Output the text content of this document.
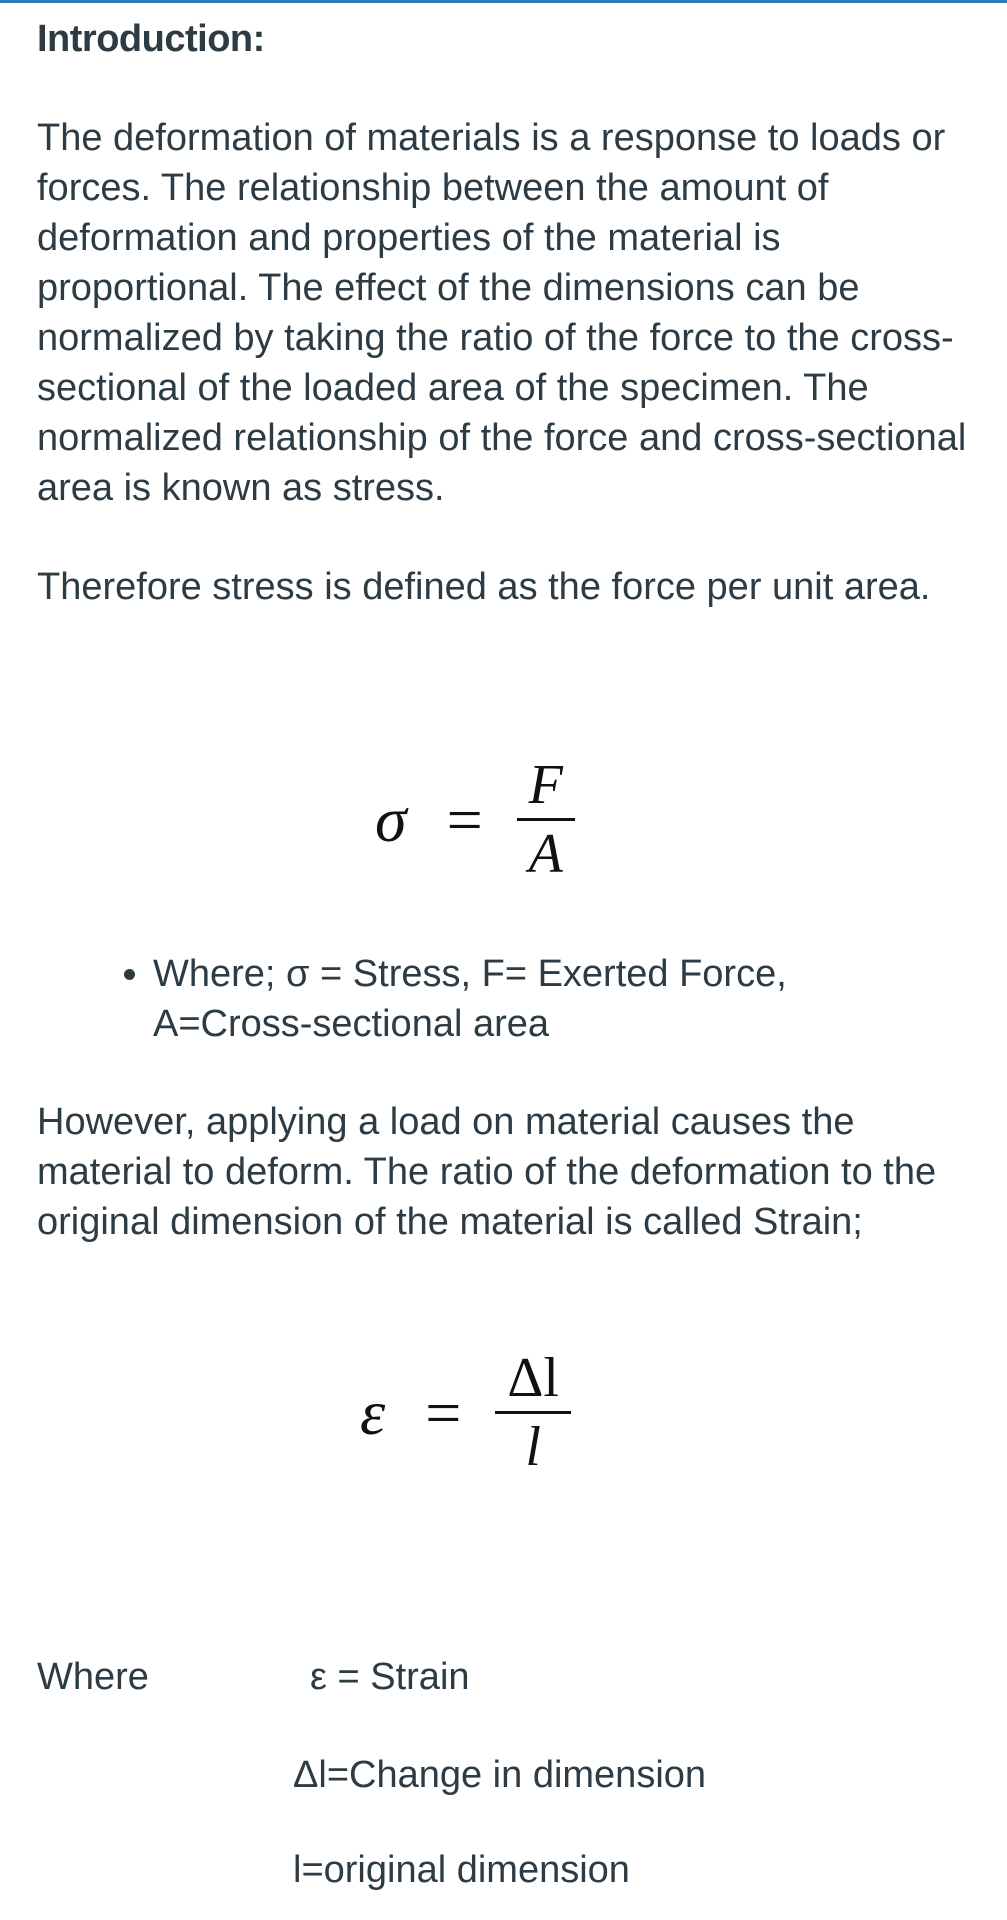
Introduction:

The deformation of materials is a response to loads or forces. The relationship between the amount of deformation and properties of the material is proportional. The effect of the dimensions can be normalized by taking the ratio of the force to the cross-sectional of the loaded area of the specimen. The normalized relationship of the force and cross-sectional area is known as stress.

Therefore stress is defined as the force per unit area.

$\sigma = \frac{F}{A}$
• Where; σ = Stress, F= Exerted Force, A=Cross-sectional area

However, applying a load on material causes the material to deform. The ratio of the deformation to the original dimension of the material is called Strain;

$\varepsilon = \frac{\Delta l}{l}$
Where	ε = Strain
Δl=Change in dimension
l=original dimension
